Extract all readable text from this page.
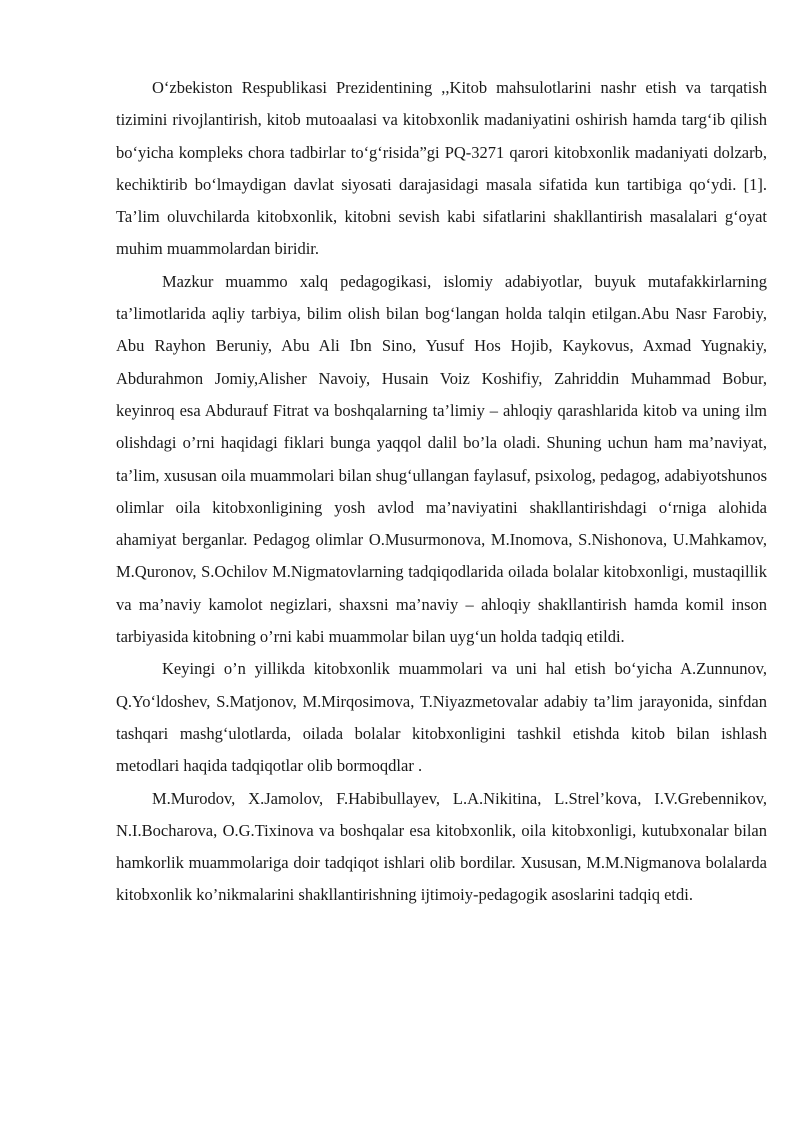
O‘zbekiston Respublikasi Prezidentining ,,Kitob mahsulotlarini nashr etish va tarqatish tizimini rivojlantirish, kitob mutoaalasi va kitobxonlik madaniyatini oshirish hamda targ‘ib qilish bo‘yicha kompleks chora tadbirlar to‘g‘risida”gi PQ-3271 qarori kitobxonlik madaniyati dolzarb, kechiktirib bo‘lmaydigan davlat siyosati darajasidagi masala sifatida kun tartibiga qo‘ydi. [1]. Ta’lim oluvchilarda kitobxonlik, kitobni sevish kabi sifatlarini shakllantirish masalalari g‘oyat muhim muammolardan biridir.

Mazkur muammo xalq pedagogikasi, islomiy adabiyotlar, buyuk mutafakkirlarning ta’limotlarida aqliy tarbiya, bilim olish bilan bog‘langan holda talqin etilgan.Abu Nasr Farobiy, Abu Rayhon Beruniy, Abu Ali Ibn Sino, Yusuf Hos Hojib, Kaykovus, Axmad Yugnakiy, Abdurahmon Jomiy,Alisher Navoiy, Husain Voiz Koshifiy, Zahriddin Muhammad Bobur, keyinroq esa Abdurauf Fitrat va boshqalarning ta’limiy – ahloqiy qarashlarida kitob va uning ilm olishdagi o’rni haqidagi fiklari bunga yaqqol dalil bo’la oladi. Shuning uchun ham ma’naviyat, ta’lim, xususan oila muammolari bilan shug‘ullangan faylasuf, psixolog, pedagog, adabiyotshunos olimlar oila kitobxonligining yosh avlod ma’naviyatini shakllantirishdagi o‘rniga alohida ahamiyat berganlar. Pedagog olimlar O.Musurmonova, M.Inomova, S.Nishonova, U.Mahkamov, M.Quronov, S.Ochilov M.Nigmatovlarning tadqiqodlarida oilada bolalar kitobxonligi, mustaqillik va ma’naviy kamolot negizlari, shaxsni ma’naviy – ahloqiy shakllantirish hamda komil inson tarbiyasida kitobning o’rni kabi muammolar bilan uyg‘un holda tadqiq etildi.

Keyingi o’n yillikda kitobxonlik muammolari va uni hal etish bo‘yicha A.Zunnunov, Q.Yo‘ldoshev, S.Matjonov, M.Mirqosimova, T.Niyazmetovalar adabiy ta’lim jarayonida, sinfdan tashqari mashg‘ulotlarda, oilada bolalar kitobxonligini tashkil etishda kitob bilan ishlash metodlari haqida tadqiqotlar olib bormoqdlar .

M.Murodov, X.Jamolov, F.Habibullayev, L.A.Nikitina, L.Strel’kova, I.V.Grebennikov, N.I.Bocharova, O.G.Tixinova va boshqalar esa kitobxonlik, oila kitobxonligi, kutubxonalar bilan hamkorlik muammolariga doir tadqiqot ishlari olib bordilar. Xususan, M.M.Nigmanova bolalarda kitobxonlik ko’nikmalarini shakllantirishning ijtimoiy-pedagogik asoslarini tadqiq etdi.
